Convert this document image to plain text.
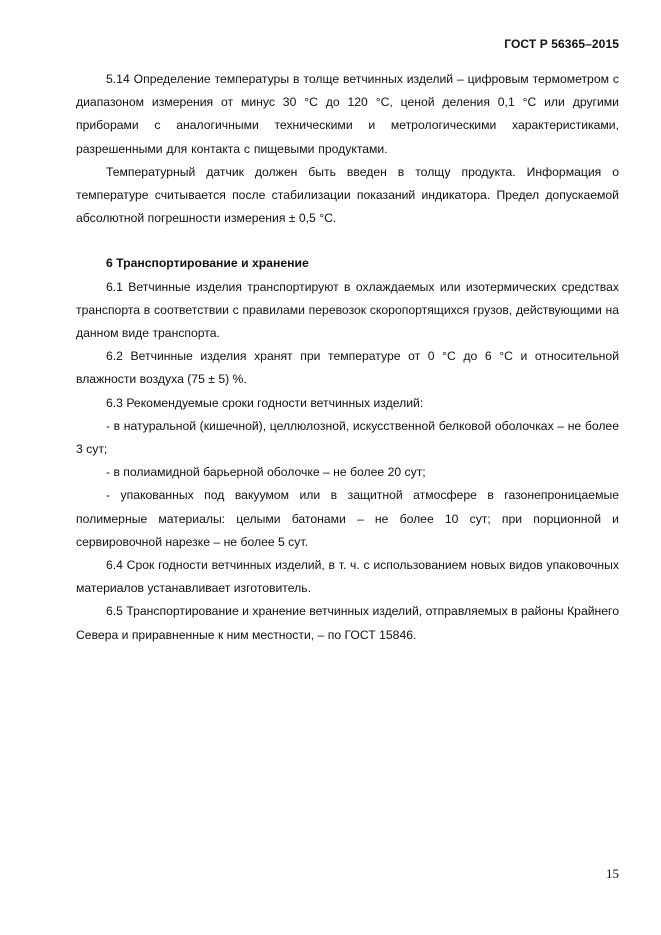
ГОСТ Р 56365–2015

5.14 Определение температуры в толще ветчинных изделий – цифровым термометром с диапазоном измерения от минус 30 °С до 120 °С, ценой деления 0,1 °С или другими приборами с аналогичными техническими и метрологическими характеристиками, разрешенными для контакта с пищевыми продуктами.

Температурный датчик должен быть введен в толщу продукта. Информация о температуре считывается после стабилизации показаний индикатора. Предел допускаемой абсолютной погрешности измерения ± 0,5 °С.

6 Транспортирование и хранение

6.1 Ветчинные изделия транспортируют в охлаждаемых или изотермических средствах транспорта в соответствии с правилами перевозок скоропортящихся грузов, действующими на данном виде транспорта.

6.2 Ветчинные изделия хранят при температуре от 0 °С до 6 °С и относительной влажности воздуха (75 ± 5) %.

6.3 Рекомендуемые сроки годности ветчинных изделий:

- в натуральной (кишечной), целлюлозной, искусственной белковой оболочках – не более 3 сут;

- в полиамидной барьерной оболочке – не более 20 сут;

- упакованных под вакуумом или в защитной атмосфере в газонепроницаемые полимерные материалы: целыми батонами – не более 10 сут; при порционной и сервировочной нарезке – не более 5 сут.

6.4 Срок годности ветчинных изделий, в т. ч. с использованием новых видов упаковочных материалов устанавливает изготовитель.

6.5 Транспортирование и хранение ветчинных изделий, отправляемых в районы Крайнего Севера и приравненные к ним местности, – по ГОСТ 15846.

15
